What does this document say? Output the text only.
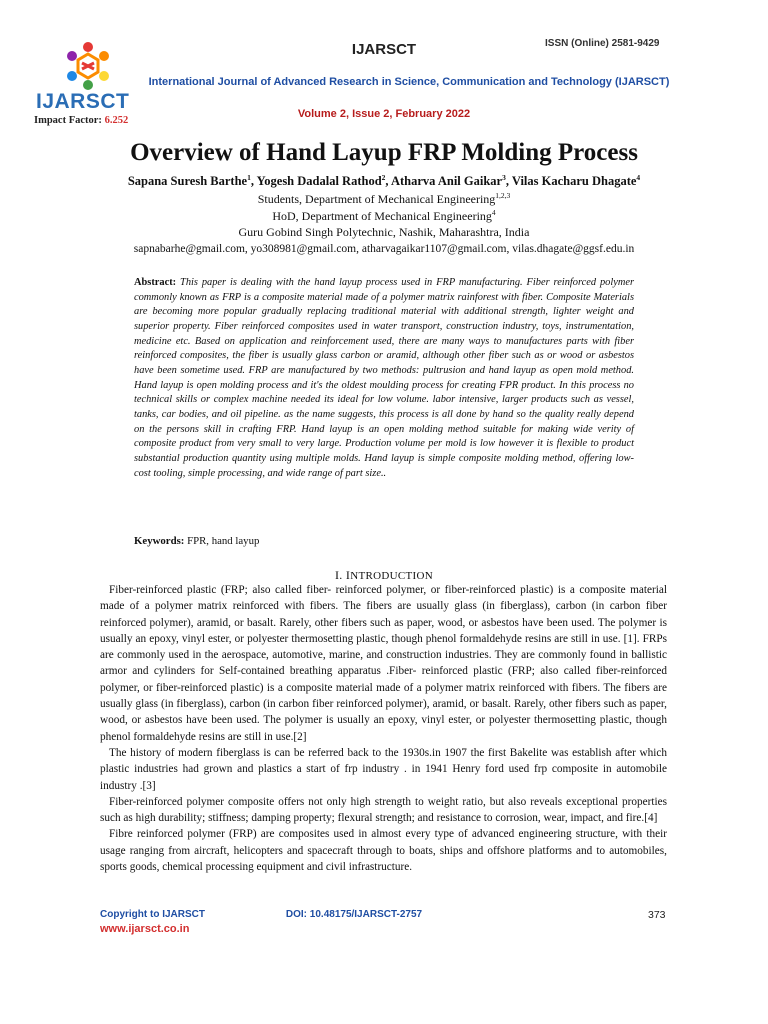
IJARSCT
Impact Factor: 6.252
ISSN (Online) 2581-9429
IJARSCT
International Journal of Advanced Research in Science, Communication and Technology (IJARSCT)
Volume 2, Issue 2, February 2022
Overview of Hand Layup FRP Molding Process
Sapana Suresh Barthe$^1$, Yogesh Dadalal Rathod$^2$, Atharva Anil Gaikar$^3$, Vilas Kacharu Dhagate$^4$
Students, Department of Mechanical Engineering$^{1,2,3}$
HoD, Department of Mechanical Engineering$^4$
Guru Gobind Singh Polytechnic, Nashik, Maharashtra, India
sapnabarhe@gmail.com, yo308981@gmail.com, atharvagaikar1107@gmail.com, vilas.dhagate@ggsf.edu.in
Abstract: This paper is dealing with the hand layup process used in FRP manufacturing. Fiber reinforced polymer commonly known as FRP is a composite material made of a polymer matrix rainforest with fiber. Composite Materials are becoming more popular gradually replacing traditional material with additional strength, lighter weight and superior property. Fiber reinforced composites used in water transport, construction industry, toys, instrumentation, medicine etc. Based on application and reinforcement used, there are many ways to manufactures parts with fiber reinforced composites, the fiber is usually glass carbon or aramid, although other fiber such as or wood or asbestos have been sometime used. FRP are manufactured by two methods: pultrusion and hand layup as open mold method. Hand layup is open molding process and it's the oldest moulding process for creating FPR product. In this process no technical skills or complex machine needed its ideal for low volume. labor intensive, larger products such as vessel, tanks, car bodies, and oil pipeline. as the name suggests, this process is all done by hand so the quality really depend on the persons skill in crafting FRP. Hand layup is an open molding method suitable for making wide verity of composite product from very small to very large. Production volume per mold is low however it is flexible to product substantial production quantity using multiple molds. Hand layup is simple composite molding method, offering low-cost tooling, simple processing, and wide range of part size..
Keywords: FPR, hand layup
I. INTRODUCTION

Fiber-reinforced plastic (FRP; also called fiber- reinforced polymer, or fiber-reinforced plastic) is a composite material made of a polymer matrix reinforced with fibers. The fibers are usually glass (in fiberglass), carbon (in carbon fiber reinforced polymer), aramid, or basalt. Rarely, other fibers such as paper, wood, or asbestos have been used. The polymer is usually an epoxy, vinyl ester, or polyester thermosetting plastic, though phenol formaldehyde resins are still in use. [1]. FRPs are commonly used in the aerospace, automotive, marine, and construction industries. They are commonly found in ballistic armor and cylinders for Self-contained breathing apparatus .Fiber- reinforced plastic (FRP; also called fiber-reinforced polymer, or fiber-reinforced plastic) is a composite material made of a polymer matrix reinforced with fibers. The fibers are usually glass (in fiberglass), carbon (in carbon fiber reinforced polymer), aramid, or basalt. Rarely, other fibers such as paper, wood, or asbestos have been used. The polymer is usually an epoxy, vinyl ester, or polyester thermosetting plastic, though phenol formaldehyde resins are still in use.[2]

The history of modern fiberglass is can be referred back to the 1930s.in 1907 the first Bakelite was establish after which plastic industries had grown and plastics a start of frp industry . in 1941 Henry ford used frp composite in automobile industry .[3]

Fiber-reinforced polymer composite offers not only high strength to weight ratio, but also reveals exceptional properties such as high durability; stiffness; damping property; flexural strength; and resistance to corrosion, wear, impact, and fire.[4]

Fibre reinforced polymer (FRP) are composites used in almost every type of advanced engineering structure, with their usage ranging from aircraft, helicopters and spacecraft through to boats, ships and offshore platforms and to automobiles, sports goods, chemical processing equipment and civil infrastructure.

Copyright to IJARSCT
www.ijarsct.co.in
DOI: 10.48175/IJARSCT-2757	373
